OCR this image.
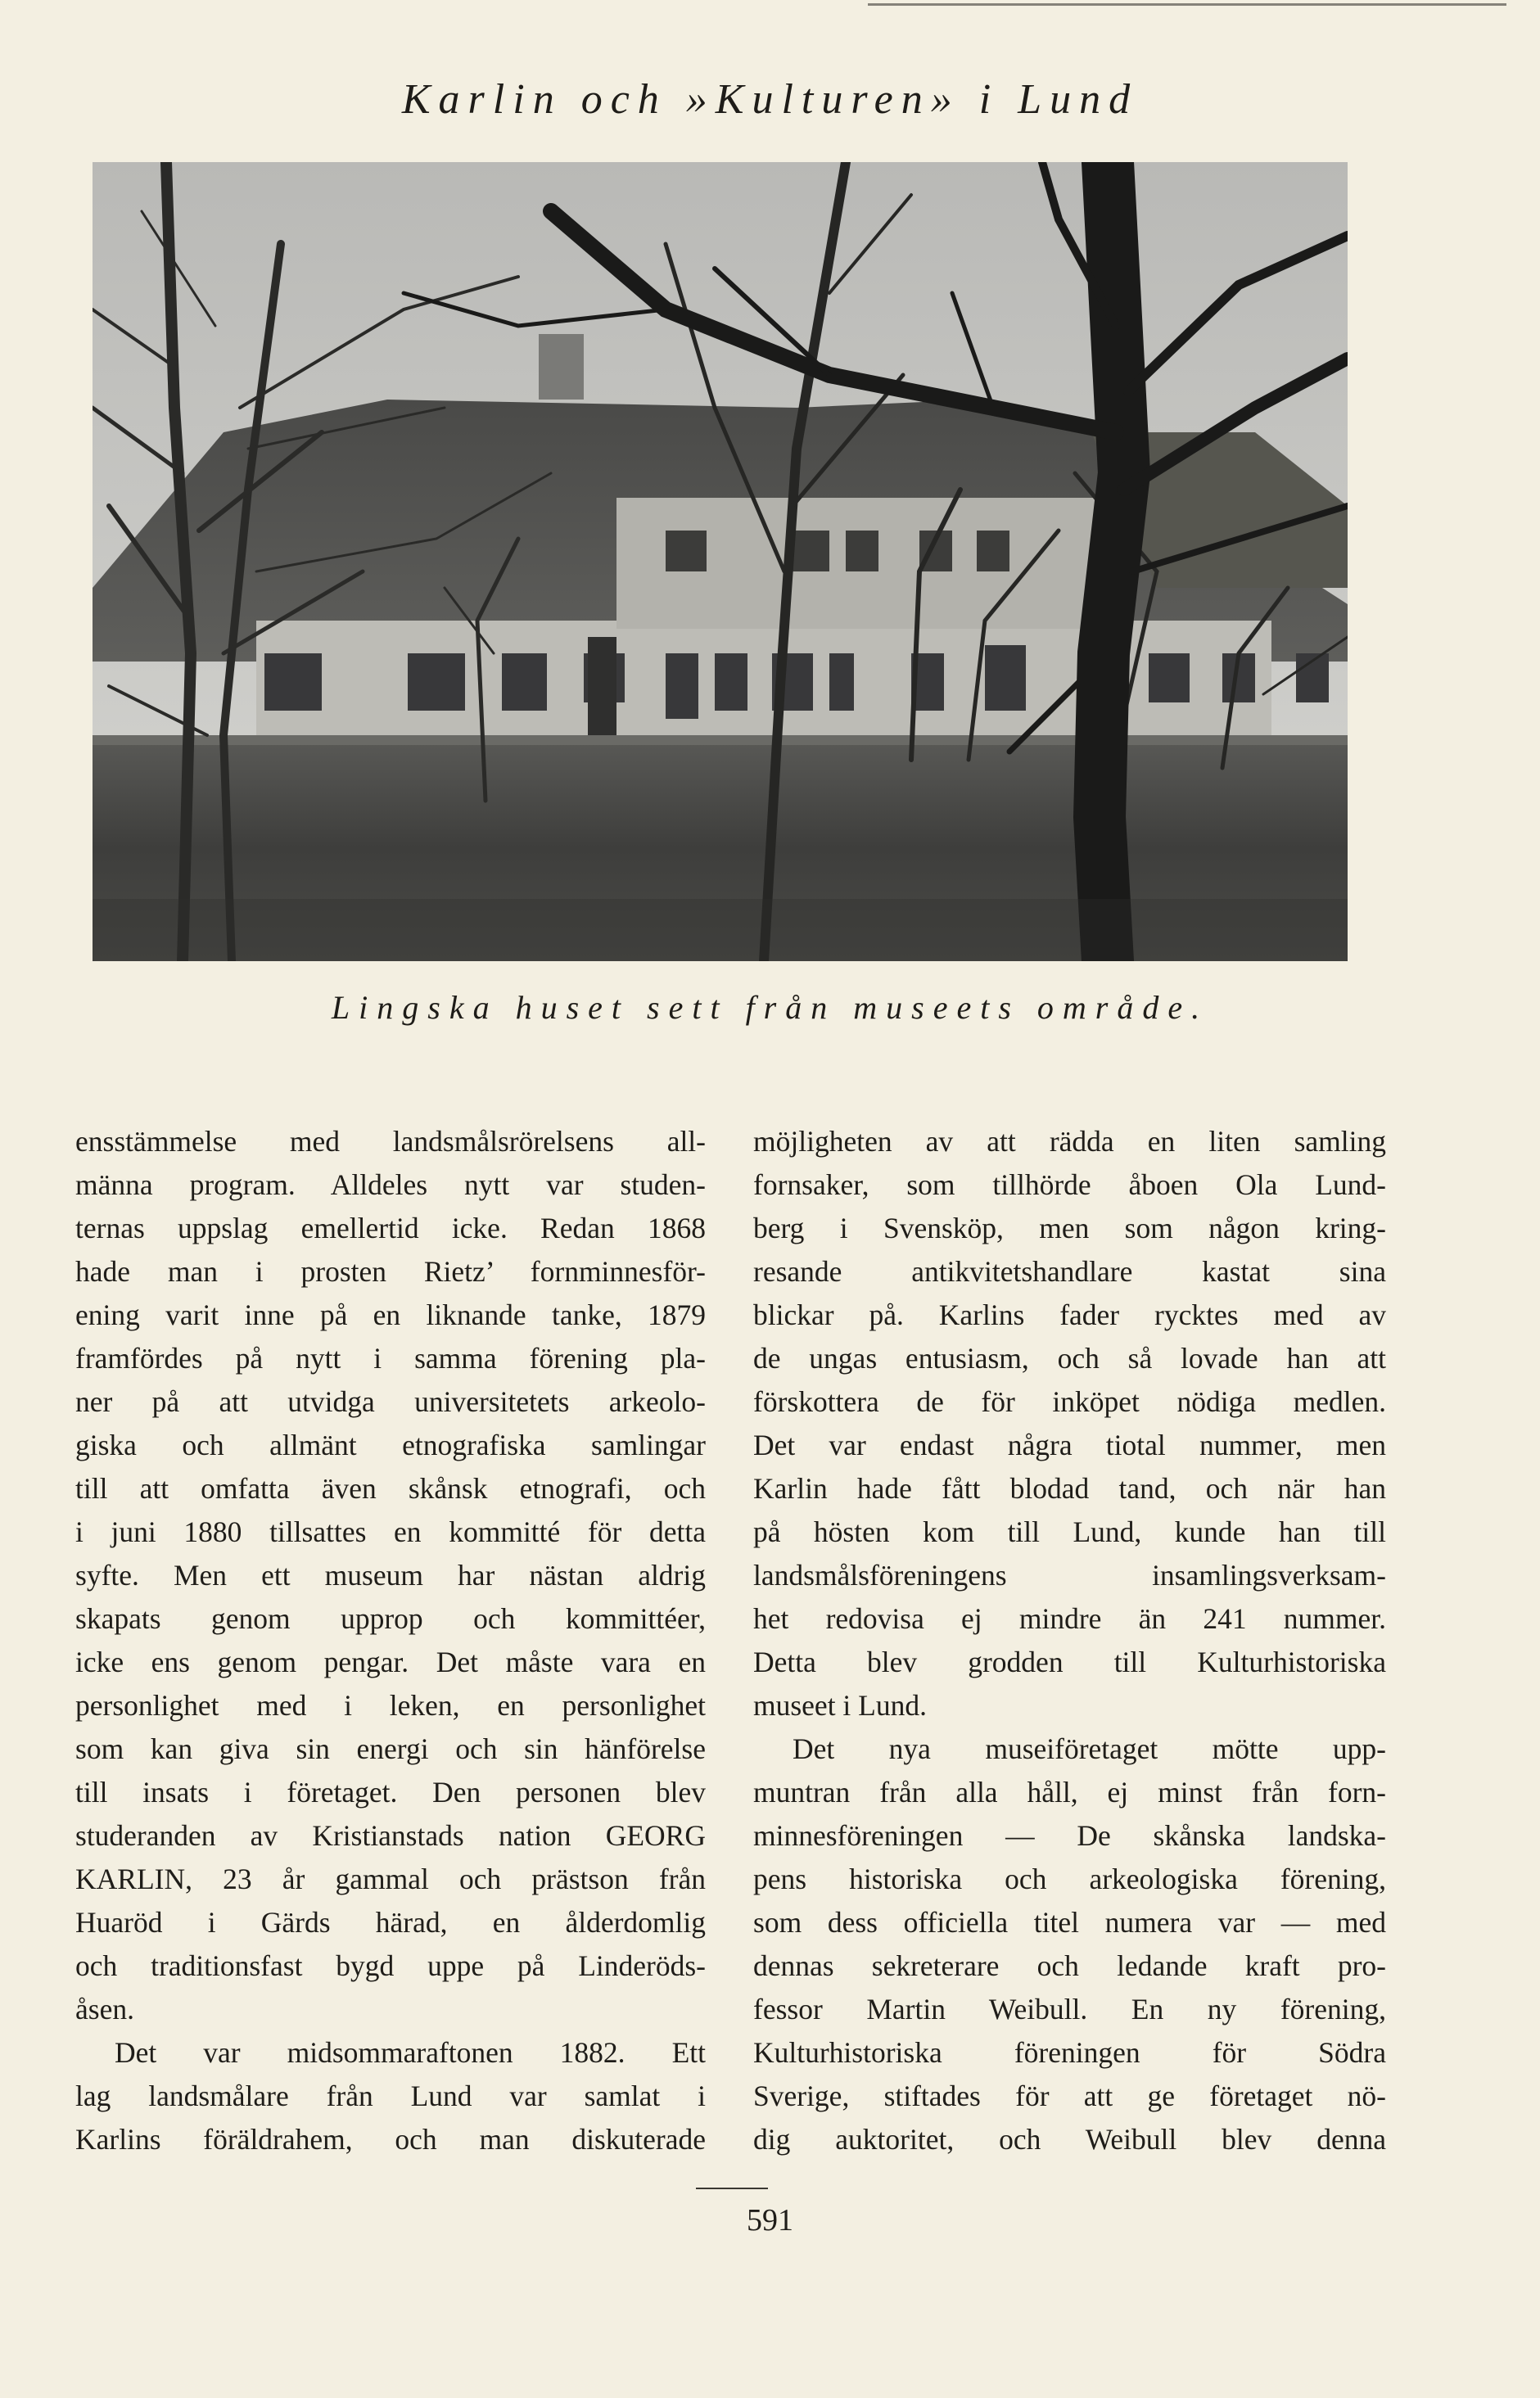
Karlin och »Kulturen» i Lund
Lingska huset sett från museets område.
ensstämmelse med landsmålsrörelsens all-
männa program. Alldeles nytt var studen-
ternas uppslag emellertid icke. Redan 1868
hade man i prosten Rietz’ fornminnesför-
ening varit inne på en liknande tanke, 1879
framfördes på nytt i samma förening pla-
ner på att utvidga universitetets arkeolo-
giska och allmänt etnografiska samlingar
till att omfatta även skånsk etnografi, och
i juni 1880 tillsattes en kommitté för detta
syfte. Men ett museum har nästan aldrig
skapats genom upprop och kommittéer,
icke ens genom pengar. Det måste vara en
personlighet med i leken, en personlighet
som kan giva sin energi och sin hänförelse
till insats i företaget. Den personen blev
studeranden av Kristianstads nation GEORG
KARLIN, 23 år gammal och prästson från
Huaröd i Gärds härad, en ålderdomlig
och traditionsfast bygd uppe på Linderöds-
åsen.
Det var midsommaraftonen 1882. Ett
lag landsmålare från Lund var samlat i
Karlins föräldrahem, och man diskuterade
möjligheten av att rädda en liten samling
fornsaker, som tillhörde åboen Ola Lund-
berg i Svensköp, men som någon kring-
resande antikvitetshandlare kastat sina
blickar på. Karlins fader rycktes med av
de ungas entusiasm, och så lovade han att
förskottera de för inköpet nödiga medlen.
Det var endast några tiotal nummer, men
Karlin hade fått blodad tand, och när han
på hösten kom till Lund, kunde han till
landsmålsföreningens insamlingsverksam-
het redovisa ej mindre än 241 nummer.
Detta blev grodden till Kulturhistoriska
museet i Lund.
Det nya museiföretaget mötte upp-
muntran från alla håll, ej minst från forn-
minnesföreningen — De skånska landska-
pens historiska och arkeologiska förening,
som dess officiella titel numera var — med
dennas sekreterare och ledande kraft pro-
fessor Martin Weibull. En ny förening,
Kulturhistoriska föreningen för Södra
Sverige, stiftades för att ge företaget nö-
dig auktoritet, och Weibull blev denna
591
